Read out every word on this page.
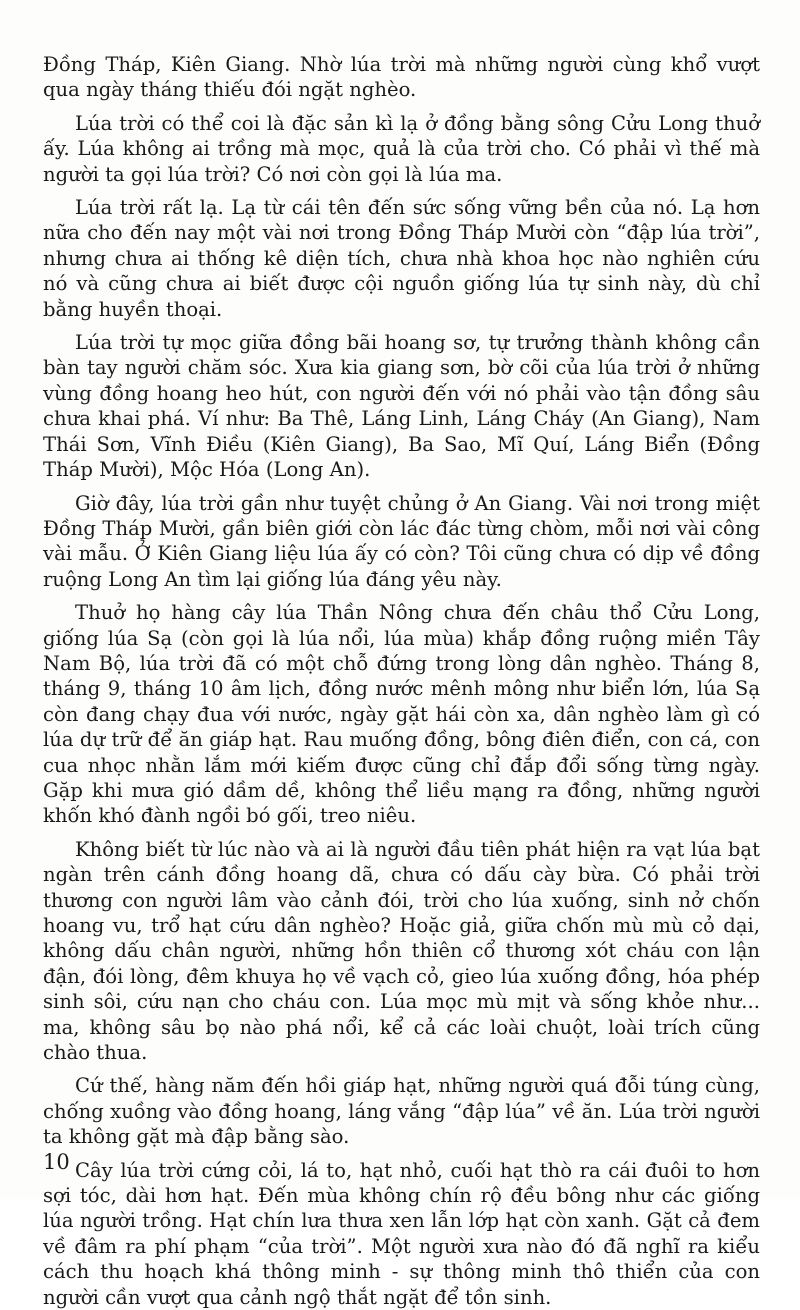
Đồng Tháp, Kiên Giang. Nhờ lúa trời mà những người cùng khổ vượt qua ngày tháng thiếu đói ngặt nghèo.

Lúa trời có thể coi là đặc sản kì lạ ở đồng bằng sông Cửu Long thuở ấy. Lúa không ai trồng mà mọc, quả là của trời cho. Có phải vì thế mà người ta gọi lúa trời? Có nơi còn gọi là lúa ma.

Lúa trời rất lạ. Lạ từ cái tên đến sức sống vững bền của nó. Lạ hơn nữa cho đến nay một vài nơi trong Đồng Tháp Mười còn “đập lúa trời”, nhưng chưa ai thống kê diện tích, chưa nhà khoa học nào nghiên cứu nó và cũng chưa ai biết được cội nguồn giống lúa tự sinh này, dù chỉ bằng huyền thoại.

Lúa trời tự mọc giữa đồng bãi hoang sơ, tự trưởng thành không cần bàn tay người chăm sóc. Xưa kia giang sơn, bờ cõi của lúa trời ở những vùng đồng hoang heo hút, con người đến với nó phải vào tận đồng sâu chưa khai phá. Ví như: Ba Thê, Láng Linh, Láng Cháy (An Giang), Nam Thái Sơn, Vĩnh Điều (Kiên Giang), Ba Sao, Mĩ Quí, Láng Biển (Đồng Tháp Mười), Mộc Hóa (Long An).

Giờ đây, lúa trời gần như tuyệt chủng ở An Giang. Vài nơi trong miệt Đồng Tháp Mười, gần biên giới còn lác đác từng chòm, mỗi nơi vài công vài mẫu. Ở Kiên Giang liệu lúa ấy có còn? Tôi cũng chưa có dịp về đồng ruộng Long An tìm lại giống lúa đáng yêu này.

Thuở họ hàng cây lúa Thần Nông chưa đến châu thổ Cửu Long, giống lúa Sạ (còn gọi là lúa nổi, lúa mùa) khắp đồng ruộng miền Tây Nam Bộ, lúa trời đã có một chỗ đứng trong lòng dân nghèo. Tháng 8, tháng 9, tháng 10 âm lịch, đồng nước mênh mông như biển lớn, lúa Sạ còn đang chạy đua với nước, ngày gặt hái còn xa, dân nghèo làm gì có lúa dự trữ để ăn giáp hạt. Rau muống đồng, bông điên điển, con cá, con cua nhọc nhằn lắm mới kiếm được cũng chỉ đắp đổi sống từng ngày. Gặp khi mưa gió dầm dề, không thể liều mạng ra đồng, những người khốn khó đành ngồi bó gối, treo niêu.

Không biết từ lúc nào và ai là người đầu tiên phát hiện ra vạt lúa bạt ngàn trên cánh đồng hoang dã, chưa có dấu cày bừa. Có phải trời thương con người lâm vào cảnh đói, trời cho lúa xuống, sinh nở chốn hoang vu, trổ hạt cứu dân nghèo? Hoặc giả, giữa chốn mù mù cỏ dại, không dấu chân người, những hồn thiên cổ thương xót cháu con lận đận, đói lòng, đêm khuya họ về vạch cỏ, gieo lúa xuống đồng, hóa phép sinh sôi, cứu nạn cho cháu con. Lúa mọc mù mịt và sống khỏe như... ma, không sâu bọ nào phá nổi, kể cả các loài chuột, loài trích cũng chào thua.

Cứ thế, hàng năm đến hồi giáp hạt, những người quá đỗi túng cùng, chống xuồng vào đồng hoang, láng vắng “đập lúa” về ăn. Lúa trời người ta không gặt mà đập bằng sào.

Cây lúa trời cứng cỏi, lá to, hạt nhỏ, cuối hạt thò ra cái đuôi to hơn sợi tóc, dài hơn hạt. Đến mùa không chín rộ đều bông như các giống lúa người trồng. Hạt chín lưa thưa xen lẫn lớp hạt còn xanh. Gặt cả đem về đâm ra phí phạm “của trời”. Một người xưa nào đó đã nghĩ ra kiểu cách thu hoạch khá thông minh - sự thông minh thô thiển của con người cần vượt qua cảnh ngộ thắt ngặt để tồn sinh.

10
